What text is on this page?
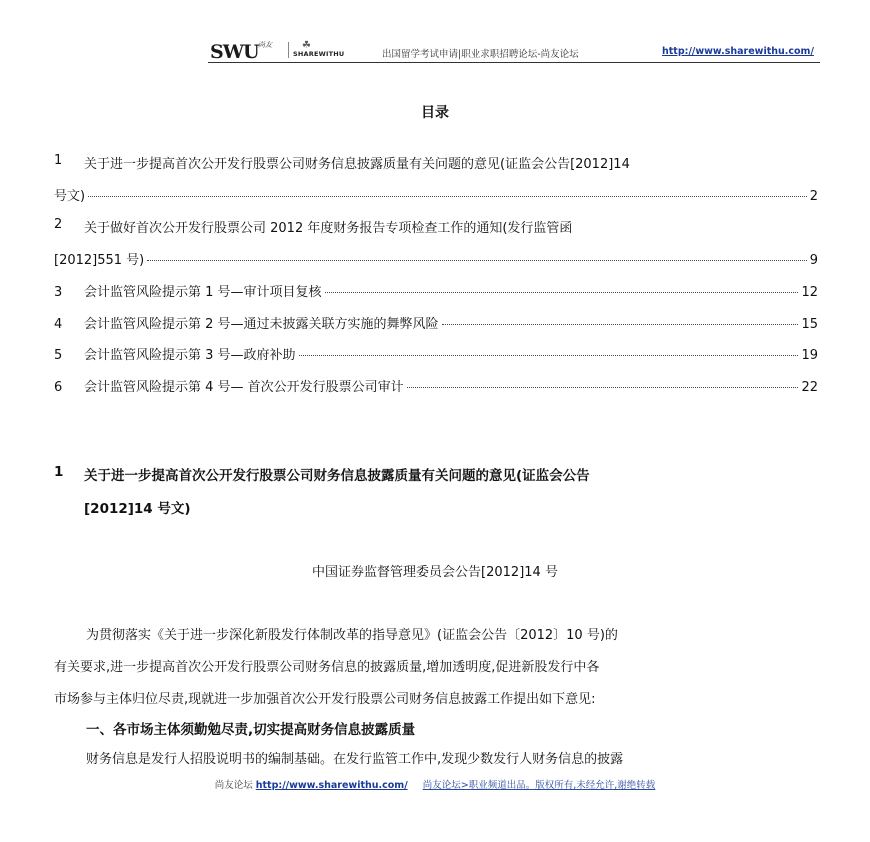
SWU 尚友	☘
SHAREWITHU	出国留学考试申请|职业求职招聘论坛-尚友论坛	http://www.sharewithu.com/
目录
1 关于进一步提高首次公开发行股票公司财务信息披露质量有关问题的意见(证监会公告[2012]14
号文)	2
2 关于做好首次公开发行股票公司 2012 年度财务报告专项检查工作的通知(发行监管函
[2012]551 号)	9
3	会计监管风险提示第 1 号—审计项目复核	12
4	会计监管风险提示第 2 号—通过未披露关联方实施的舞弊风险	15
5	会计监管风险提示第 3 号—政府补助	19
6	会计监管风险提示第 4 号— 首次公开发行股票公司审计	22
1 关于进一步提高首次公开发行股票公司财务信息披露质量有关问题的意见(证监会公告
[2012]14 号文)
中国证券监督管理委员会公告[2012]14 号
为贯彻落实《关于进一步深化新股发行体制改革的指导意见》(证监会公告〔2012〕10 号)的
有关要求,进一步提高首次公开发行股票公司财务信息的披露质量,增加透明度,促进新股发行中各
市场参与主体归位尽责,现就进一步加强首次公开发行股票公司财务信息披露工作提出如下意见:
一、各市场主体须勤勉尽责,切实提高财务信息披露质量
财务信息是发行人招股说明书的编制基础。在发行监管工作中,发现少数发行人财务信息的披露
尚友论坛 http://www.sharewithu.com/ 尚友论坛>职业频道出品。版权所有,未经允许,谢绝转载
